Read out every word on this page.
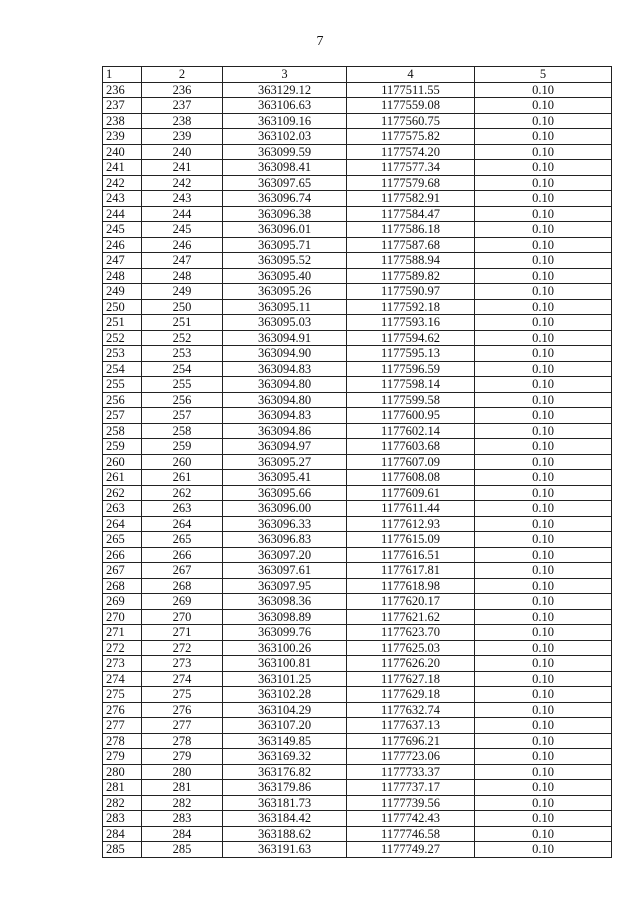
7
1	2	3	4	5
236	236	363129.12	1177511.55	0.10
237	237	363106.63	1177559.08	0.10
238	238	363109.16	1177560.75	0.10
239	239	363102.03	1177575.82	0.10
240	240	363099.59	1177574.20	0.10
241	241	363098.41	1177577.34	0.10
242	242	363097.65	1177579.68	0.10
243	243	363096.74	1177582.91	0.10
244	244	363096.38	1177584.47	0.10
245	245	363096.01	1177586.18	0.10
246	246	363095.71	1177587.68	0.10
247	247	363095.52	1177588.94	0.10
248	248	363095.40	1177589.82	0.10
249	249	363095.26	1177590.97	0.10
250	250	363095.11	1177592.18	0.10
251	251	363095.03	1177593.16	0.10
252	252	363094.91	1177594.62	0.10
253	253	363094.90	1177595.13	0.10
254	254	363094.83	1177596.59	0.10
255	255	363094.80	1177598.14	0.10
256	256	363094.80	1177599.58	0.10
257	257	363094.83	1177600.95	0.10
258	258	363094.86	1177602.14	0.10
259	259	363094.97	1177603.68	0.10
260	260	363095.27	1177607.09	0.10
261	261	363095.41	1177608.08	0.10
262	262	363095.66	1177609.61	0.10
263	263	363096.00	1177611.44	0.10
264	264	363096.33	1177612.93	0.10
265	265	363096.83	1177615.09	0.10
266	266	363097.20	1177616.51	0.10
267	267	363097.61	1177617.81	0.10
268	268	363097.95	1177618.98	0.10
269	269	363098.36	1177620.17	0.10
270	270	363098.89	1177621.62	0.10
271	271	363099.76	1177623.70	0.10
272	272	363100.26	1177625.03	0.10
273	273	363100.81	1177626.20	0.10
274	274	363101.25	1177627.18	0.10
275	275	363102.28	1177629.18	0.10
276	276	363104.29	1177632.74	0.10
277	277	363107.20	1177637.13	0.10
278	278	363149.85	1177696.21	0.10
279	279	363169.32	1177723.06	0.10
280	280	363176.82	1177733.37	0.10
281	281	363179.86	1177737.17	0.10
282	282	363181.73	1177739.56	0.10
283	283	363184.42	1177742.43	0.10
284	284	363188.62	1177746.58	0.10
285	285	363191.63	1177749.27	0.10
